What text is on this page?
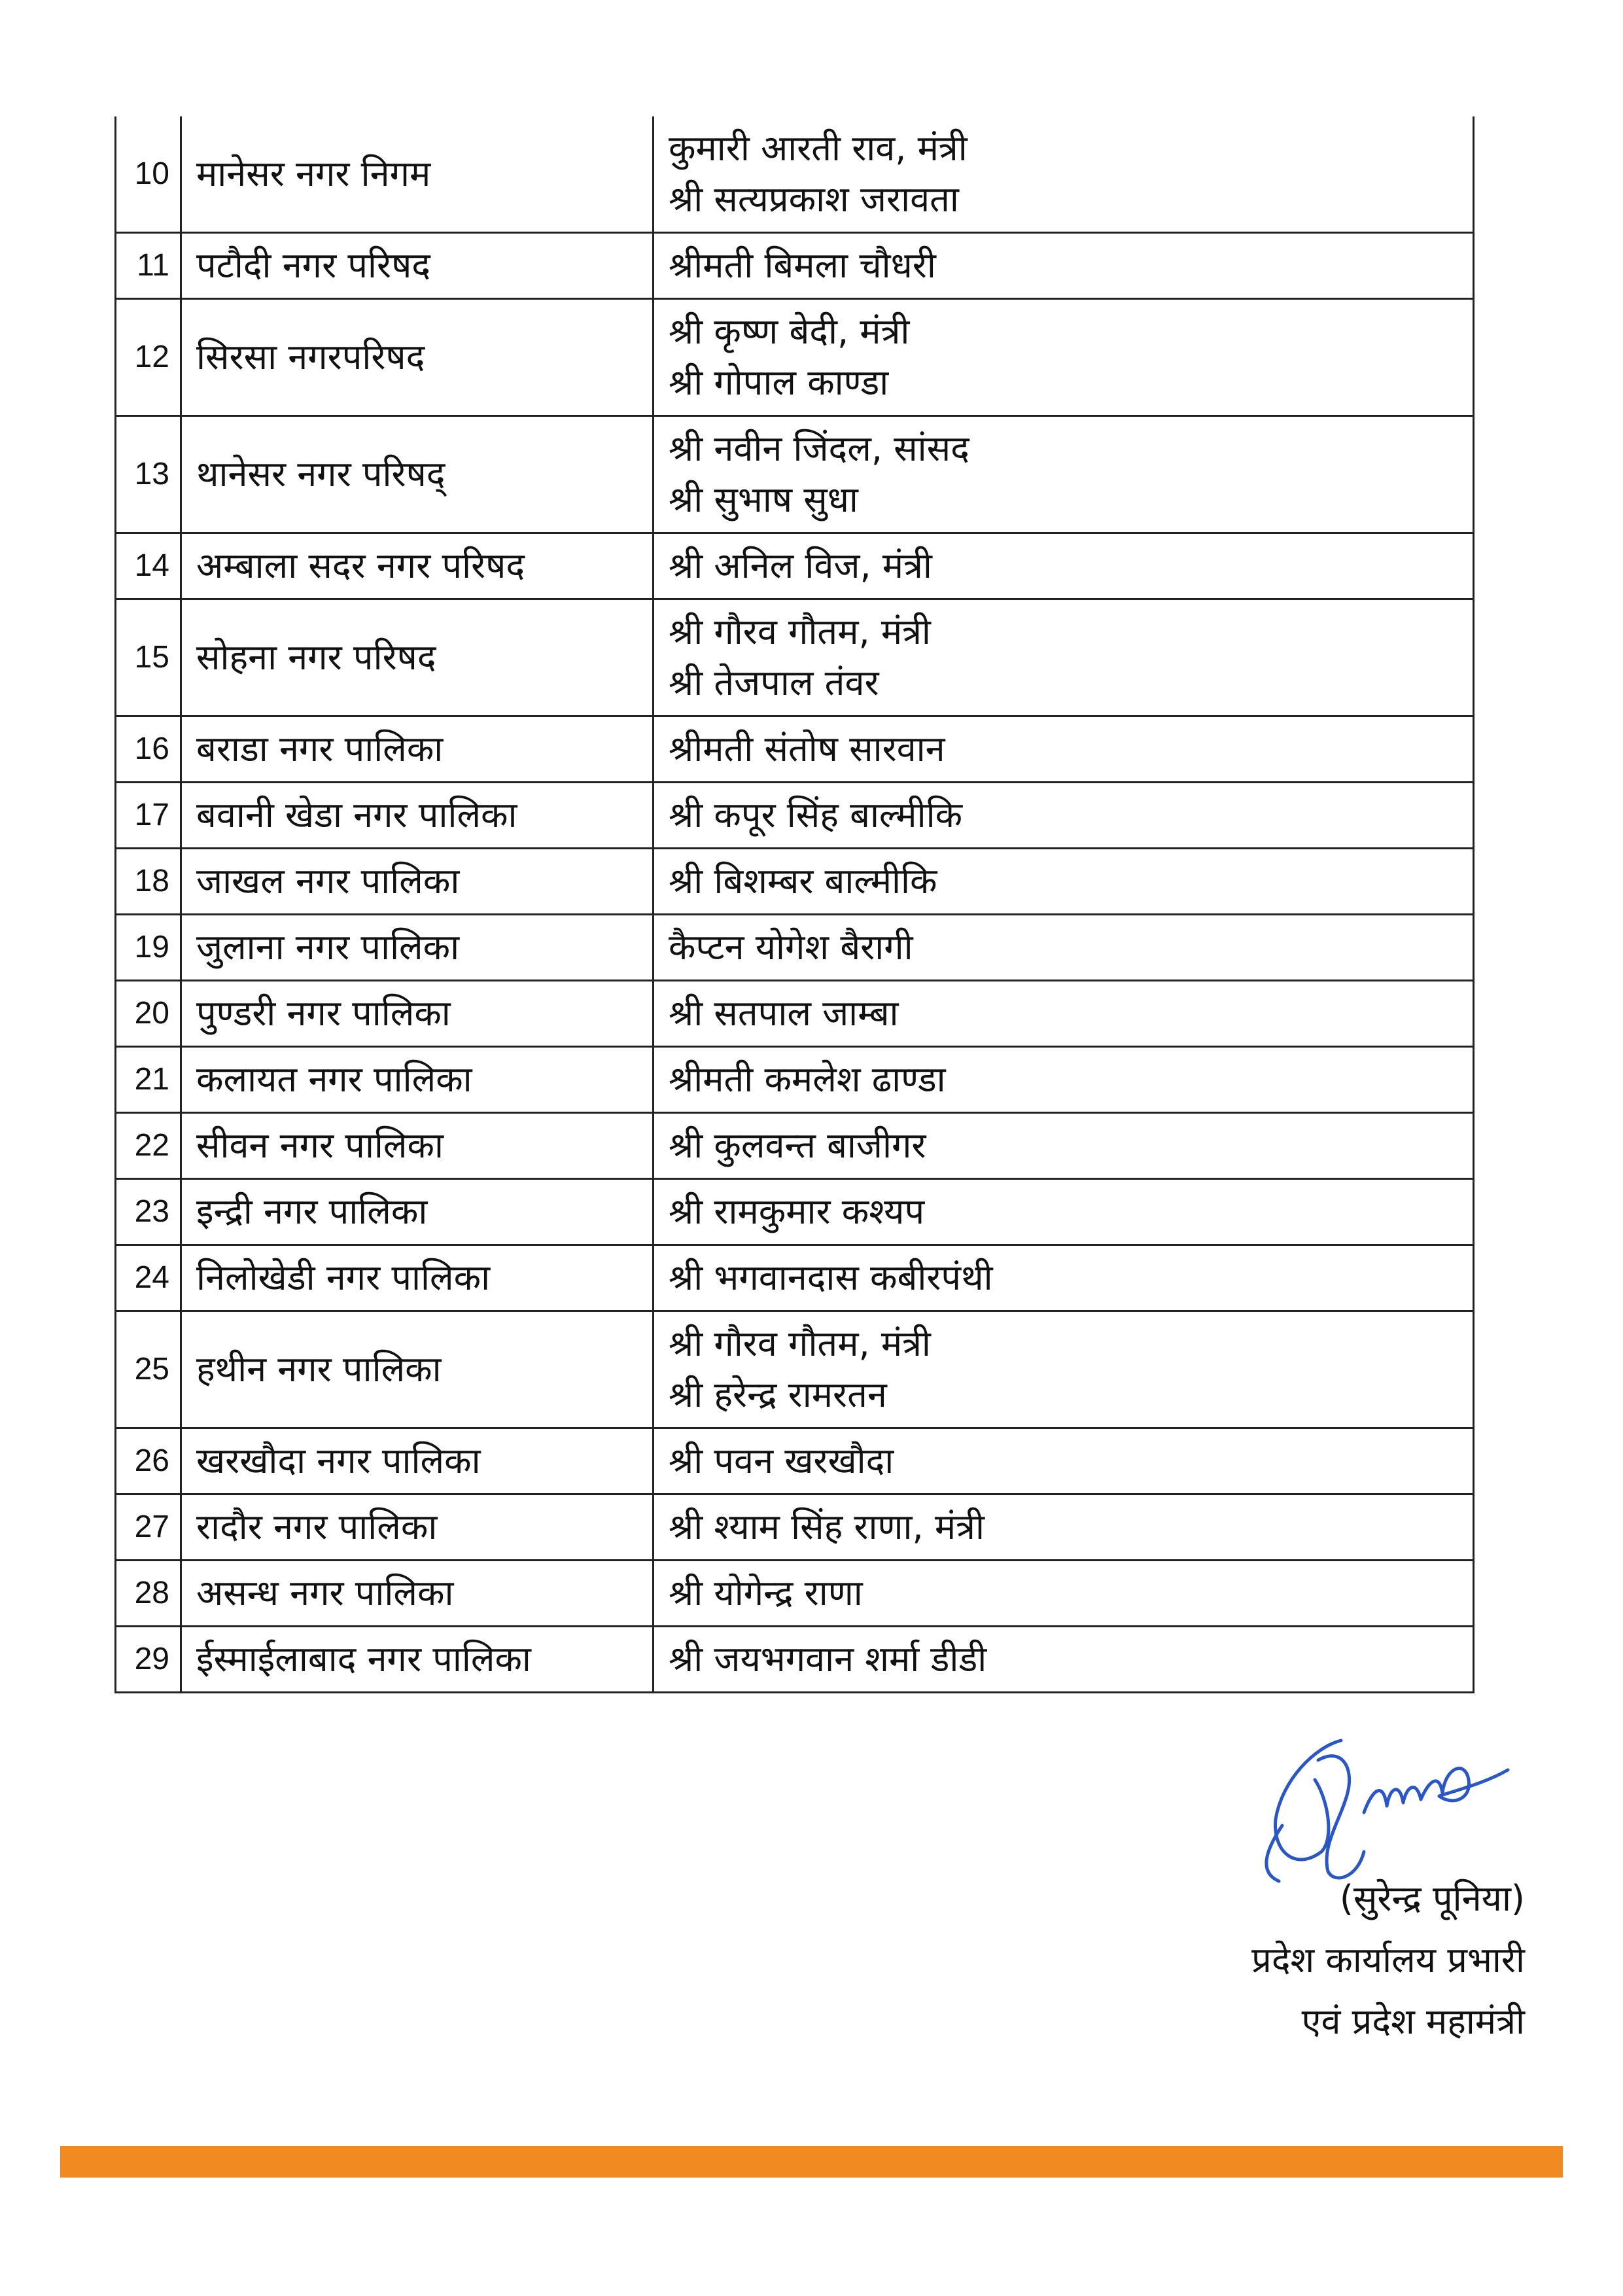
10	मानेसर नगर निगम	कुमारी आरती राव, मंत्री
श्री सत्यप्रकाश जरावता

11	पटौदी नगर परिषद	श्रीमती बिमला चौधरी

12	सिरसा नगरपरिषद	श्री कृष्ण बेदी, मंत्री
श्री गोपाल काण्डा

13	थानेसर नगर परिषद्	श्री नवीन जिंदल, सांसद
श्री सुभाष सुधा

14	अम्बाला सदर नगर परिषद	श्री अनिल विज, मंत्री

15	सोहना नगर परिषद	श्री गौरव गौतम, मंत्री
श्री तेजपाल तंवर

16	बराडा नगर पालिका	श्रीमती संतोष सारवान

17	बवानी खेडा नगर पालिका	श्री कपूर सिंह बाल्मीकि

18	जाखल नगर पालिका	श्री बिशम्बर बाल्मीकि

19	जुलाना नगर पालिका	कैप्टन योगेश बैरागी

20	पुण्डरी नगर पालिका	श्री सतपाल जाम्बा

21	कलायत नगर पालिका	श्रीमती कमलेश ढाण्डा

22	सीवन नगर पालिका	श्री कुलवन्त बाजीगर

23	इन्द्री नगर पालिका	श्री रामकुमार कश्यप

24	निलोखेडी नगर पालिका	श्री भगवानदास कबीरपंथी

25	हथीन नगर पालिका	श्री गौरव गौतम, मंत्री
श्री हरेन्द्र रामरतन

26	खरखौदा नगर पालिका	श्री पवन खरखौदा

27	रादौर नगर पालिका	श्री श्याम सिंह राणा, मंत्री

28	असन्ध नगर पालिका	श्री योगेन्द्र राणा

29	ईस्माईलाबाद नगर पालिका	श्री जयभगवान शर्मा डीडी
(सुरेन्द्र पूनिया)
प्रदेश कार्यालय प्रभारी
एवं प्रदेश महामंत्री
